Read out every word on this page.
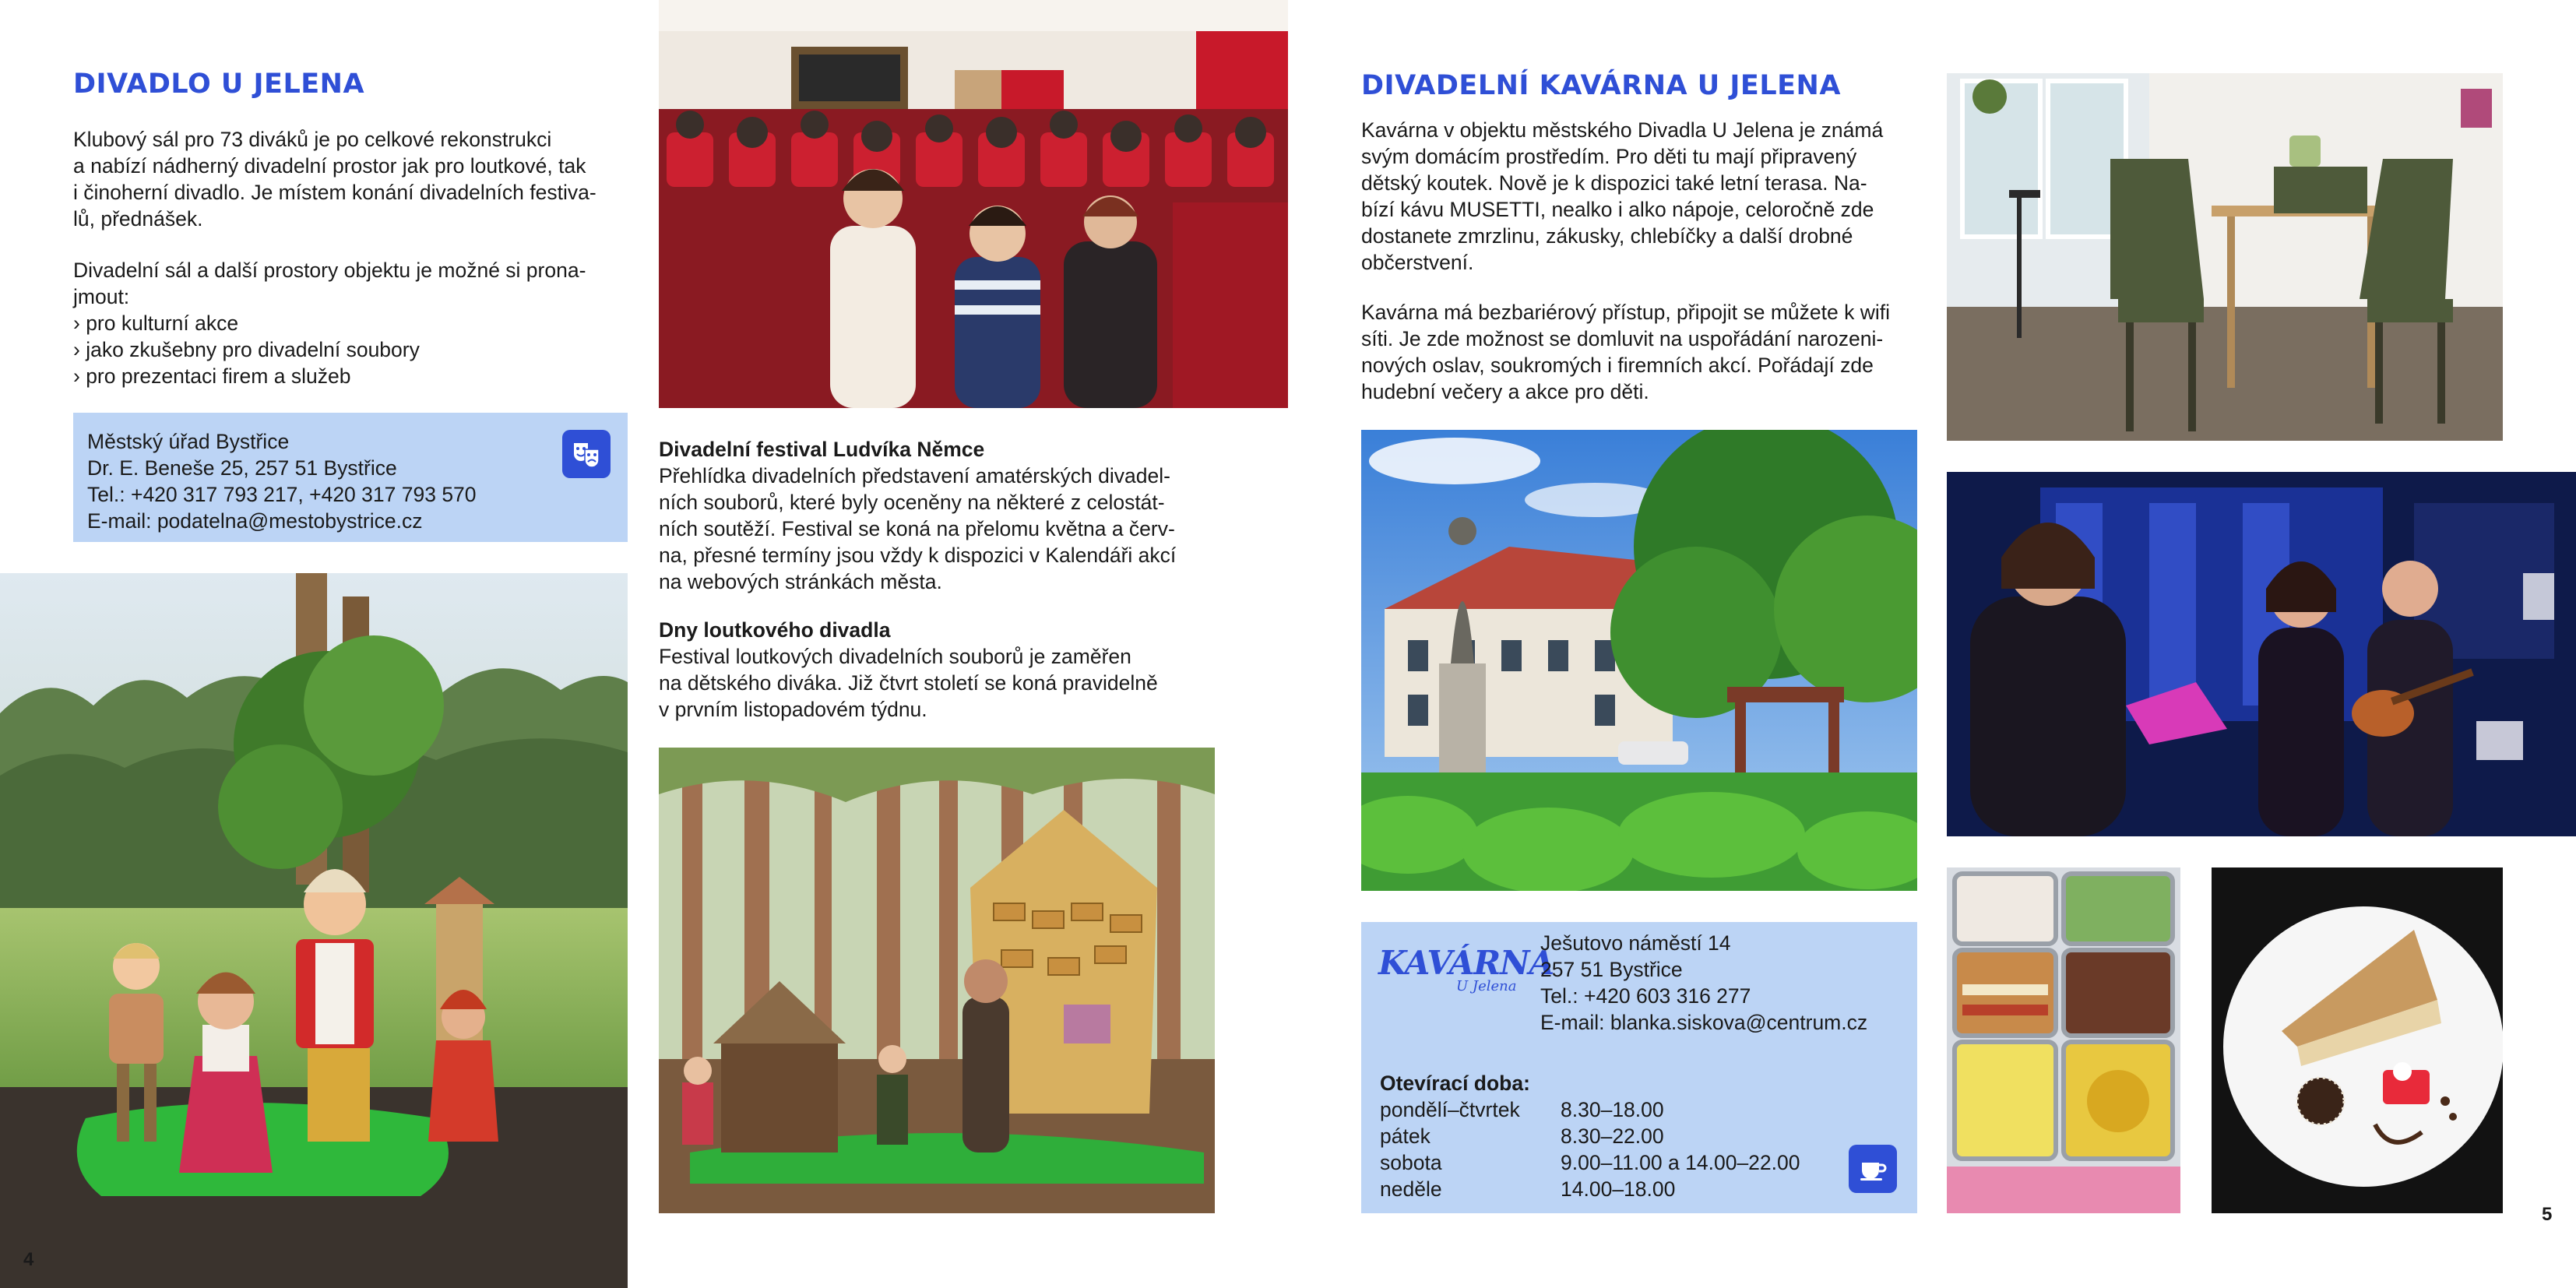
DIVADLO U JELENA

Klubový sál pro 73 diváků je po celkové rekonstrukci

a nabízí nádherný divadelní prostor jak pro loutkové, tak

i činoherní divadlo. Je místem konání divadelních festiva-

lů, přednášek.

Divadelní sál a další prostory objektu je možné si prona-

jmout:

› pro kulturní akce
› jako zkušebny pro divadelní soubory
› pro prezentaci firem a služeb

Městský úřad Bystřice

Dr. E. Beneše 25, 257 51 Bystřice

Tel.: +420 317 793 217, +420 317 793 570

E-mail: podatelna@mestobystrice.cz

4

Divadelní festival Ludvíka Němce

Přehlídka divadelních představení amatérských divadel-

ních souborů, které byly oceněny na některé z celostát-

ních soutěží. Festival se koná na přelomu května a červ-

na, přesné termíny jsou vždy k dispozici v Kalendáři akcí

na webových stránkách města.

Dny loutkového divadla

Festival loutkových divadelních souborů je zaměřen

na dětského diváka. Již čtvrt století se koná pravidelně

v prvním listopadovém týdnu.

DIVADELNÍ KAVÁRNA U JELENA

Kavárna v objektu městského Divadla U Jelena je známá

svým domácím prostředím. Pro děti tu mají připravený

dětský koutek. Nově je k dispozici také letní terasa. Na-

bízí kávu MUSETTI, nealko i alko nápoje, celoročně zde

dostanete zmrzlinu, zákusky, chlebíčky a další drobné

občerstvení.

Kavárna má bezbariérový přístup, připojit se můžete k wifi

síti. Je zde možnost se domluvit na uspořádání narozeni-

nových oslav, soukromých i firemních akcí. Pořádají zde

hudební večery a akce pro děti.

KAVÁRNA
U Jelena

Ješutovo náměstí 14

257 51 Bystřice

Tel.: +420 603 316 277

E-mail: blanka.siskova@centrum.cz

Otevírací doba:

pondělí–čtvrtek	8.30–18.00
pátek	8.30–22.00
sobota	9.00–11.00 a 14.00–22.00
neděle	14.00–18.00
5
